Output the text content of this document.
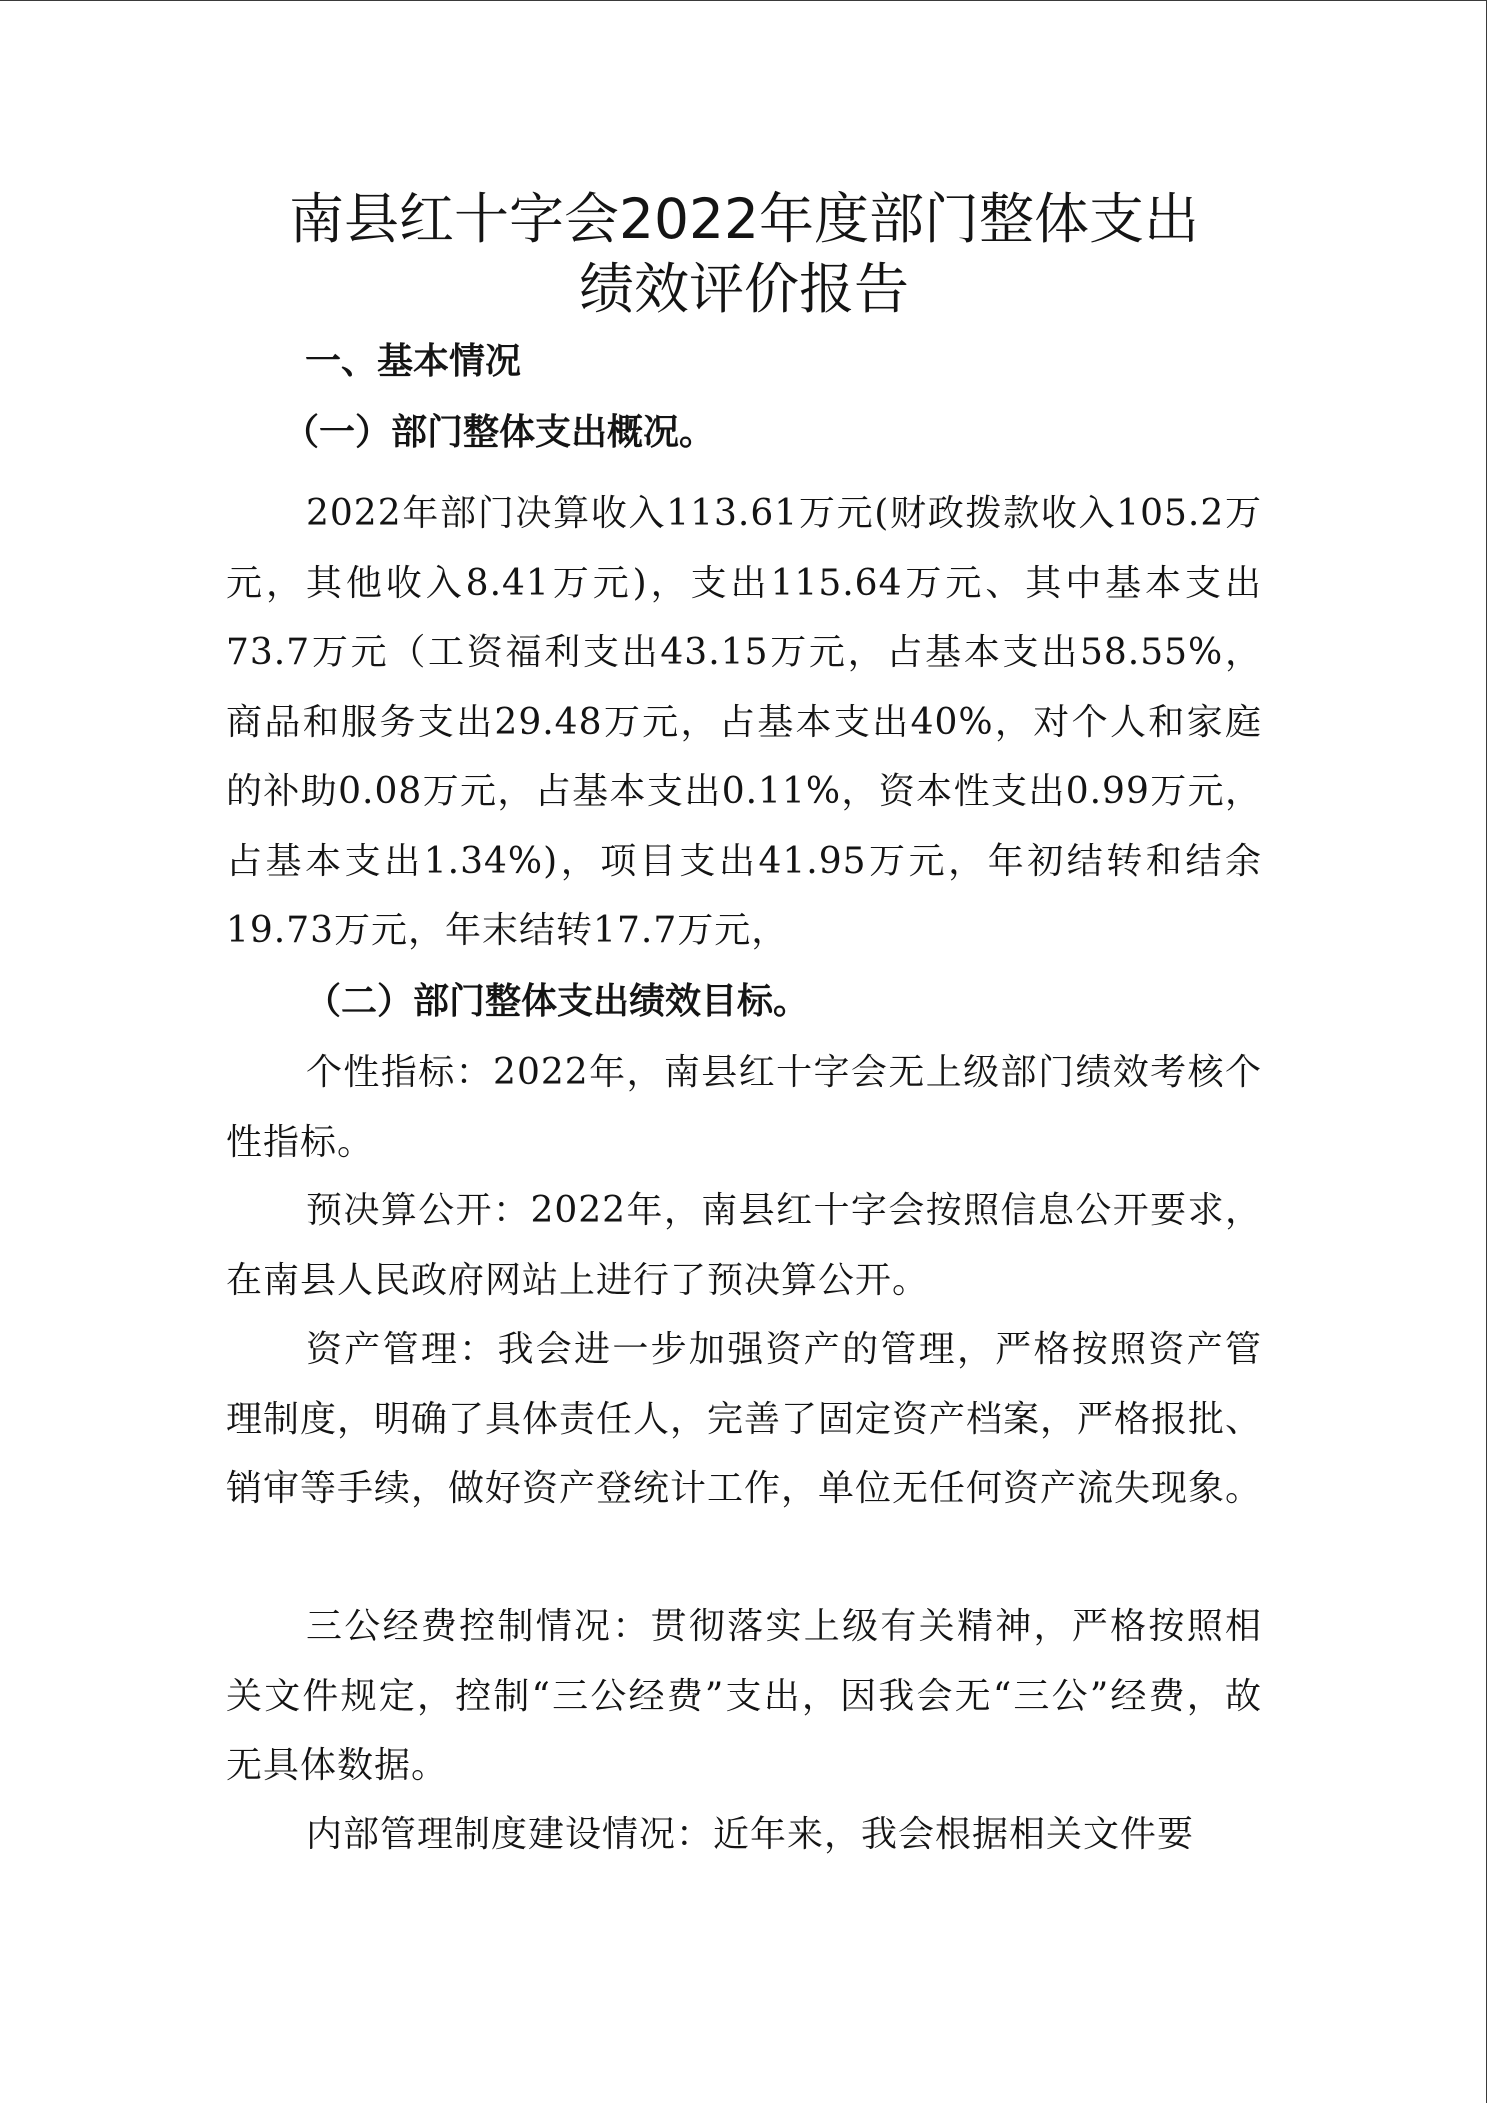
南县红十字会2022年度部门整体支出
绩效评价报告
一、基本情况
（一）部门整体支出概况。

2022年部门决算收入113.61万元(财政拨款收入105.2万元，其他收入8.41万元)，支出115.64万元、其中基本支出73.7万元（工资福利支出43.15万元，占基本支出58.55%，商品和服务支出29.48万元，占基本支出40%，对个人和家庭的补助0.08万元，占基本支出0.11%，资本性支出0.99万元，占基本支出1.34%)，项目支出41.95万元，年初结转和结余19.73万元，年末结转17.7万元，

（二）部门整体支出绩效目标。

个性指标：2022年，南县红十字会无上级部门绩效考核个性指标。

预决算公开：2022年，南县红十字会按照信息公开要求，在南县人民政府网站上进行了预决算公开。

资产管理：我会进一步加强资产的管理，严格按照资产管理制度，明确了具体责任人，完善了固定资产档案，严格报批、销审等手续，做好资产登统计工作，单位无任何资产流失现象。

三公经费控制情况：贯彻落实上级有关精神，严格按照相关文件规定，控制“三公经费”支出，因我会无“三公”经费，故无具体数据。

内部管理制度建设情况：近年来，我会根据相关文件要
